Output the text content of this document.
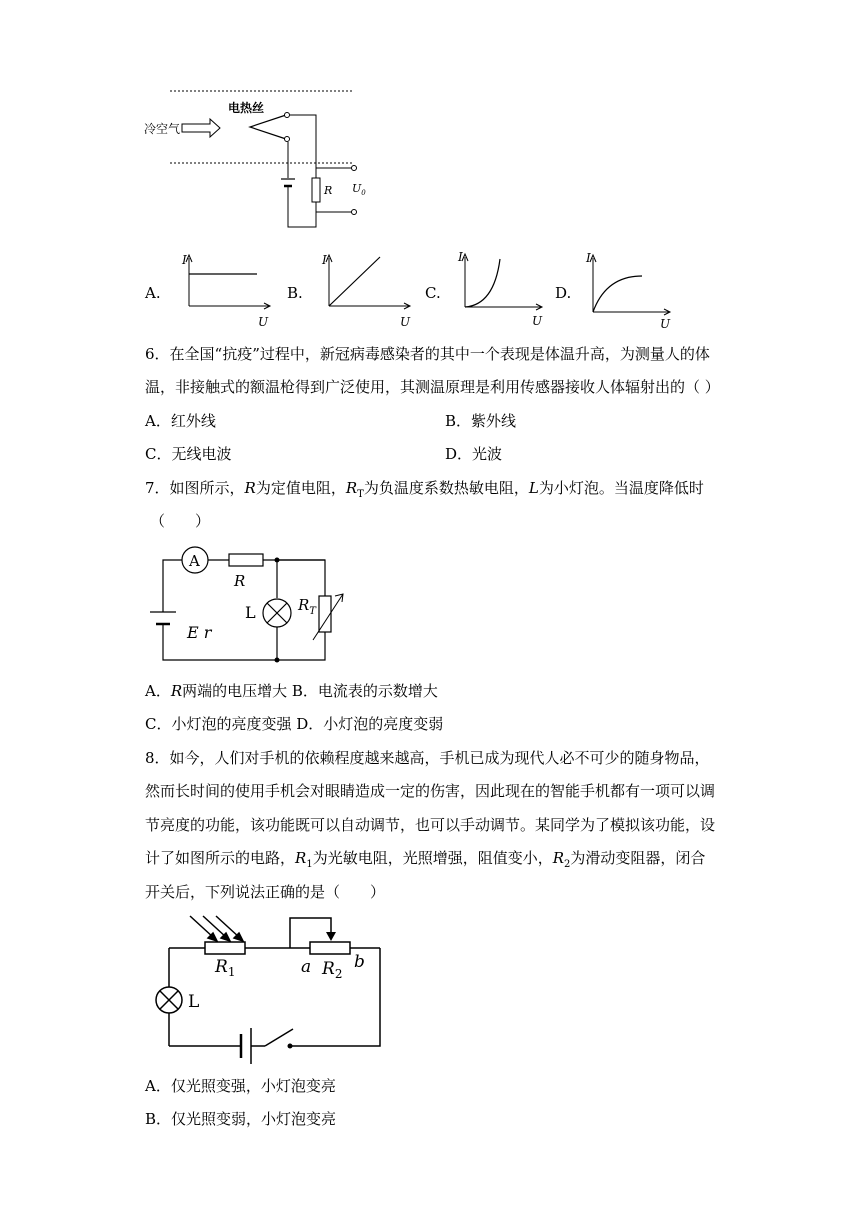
冷空气
电热丝
R $U_0$
A.
I
U
B.
I
U
C.
I
U
D.
I
U
6．在全国“抗疫”过程中，新冠病毒感染者的其中一个表现是体温升高，为测量人的体
温，非接触式的额温枪得到广泛使用，其测温原理是利用传感器接收人体辐射出的（ ）
A．红外线	B．紫外线
C．无线电波	D．光波
7．如图所示，R为定值电阻，$R_T$为负温度系数热敏电阻，L为小灯泡。当温度降低时
（　　）
E r
A
R
L	$R_T$
A．R两端的电压增大 B．电流表的示数增大
C．小灯泡的亮度变强 D．小灯泡的亮度变弱
8．如今，人们对手机的依赖程度越来越高，手机已成为现代人必不可少的随身物品，
然而长时间的使用手机会对眼睛造成一定的伤害，因此现在的智能手机都有一项可以调
节亮度的功能，该功能既可以自动调节，也可以手动调节。某同学为了模拟该功能，设
计了如图所示的电路，$R_1$为光敏电阻，光照增强，阻值变小，$R_2$为滑动变阻器，闭合
开关后，下列说法正确的是（　　）
$R_1$	a $R_2$
b
L
A．仅光照变强，小灯泡变亮
B．仅光照变弱，小灯泡变亮
